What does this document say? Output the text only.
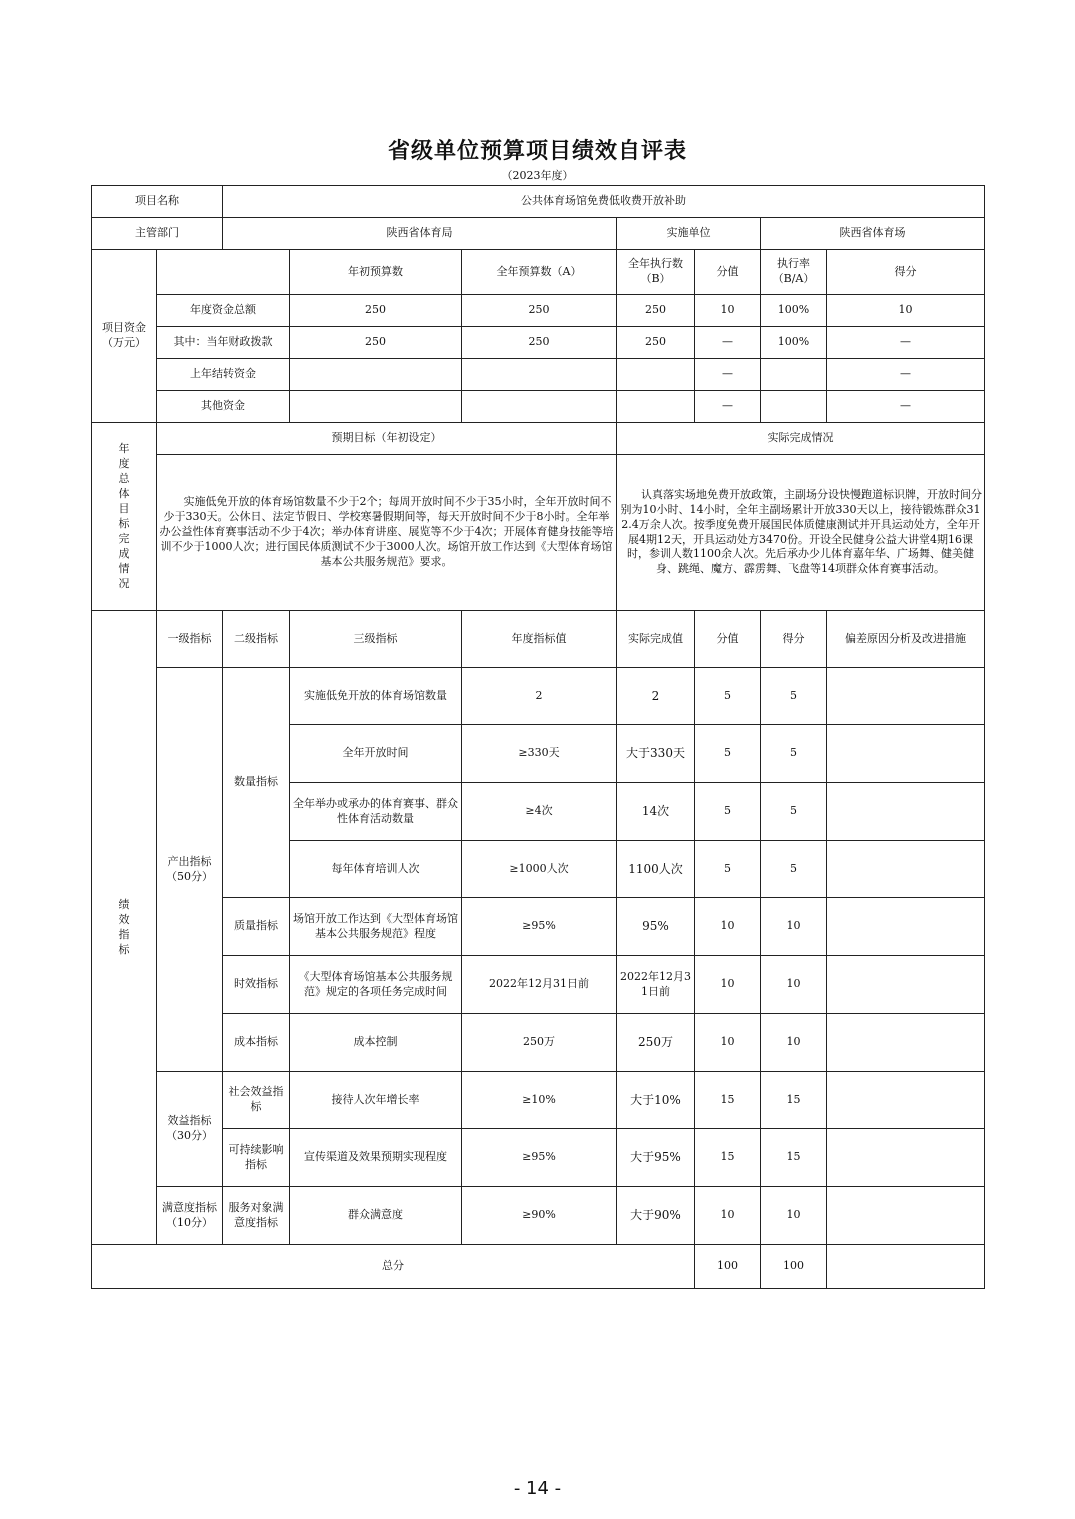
省级单位预算项目绩效自评表
（2023年度）
项目名称		公共体育场馆免费低收费开放补助						
主管部门		陕西省体育局			实施单位		陕西省体育场	
项目资金
（万元）			年初预算数	全年预算数（A）	全年执行数（B）	分值	执行率
（B/A）	得分
	年度资金总额		250	250	250	10	100%	10
	其中：当年财政拨款		250	250	250	—	100%	—
	上年结转资金					—		—
	其他资金					—		—
年度总体目标完成情况	预期目标（年初设定）				实际完成情况			

	实施低免开放的体育场馆数量不少于2个；每周开放时间不少于35小时，全年开放时间不少于330天。公休日、法定节假日、学校寒暑假期间等，每天开放时间不少于8小时。全年举办公益性体育赛事活动不少于4次；举办体育讲座、展览等不少于4次；开展体育健身技能等培训不少于1000人次；进行国民体质测试不少于3000人次。场馆开放工作达到《大型体育场馆基本公共服务规范》要求。				认真落实场地免费开放政策，主副场分设快慢跑道标识牌，开放时间分别为10小时、14小时，全年主副场累计开放330天以上，接待锻炼群众312.4万余人次。按季度免费开展国民体质健康测试并开具运动处方，全年开展4期12天，开具运动处方3470份。开设全民健身公益大讲堂4期16课时，参训人数1100余人次。先后承办少儿体育嘉年华、广场舞、健美健身、跳绳、魔方、霹雳舞、飞盘等14项群众体育赛事活动。			

绩效指标	一级指标	二级指标	三级指标	年度指标值	实际完成值	分值	得分	偏差原因分析及改进措施
	产出指标
（50分）	数量指标	实施低免开放的体育场馆数量	2	2	5	5	
			全年开放时间	≥330天	大于330天	5	5	
			全年举办或承办的体育赛事、群众性体育活动数量	≥4次	14次	5	5	
			每年体育培训人次	≥1000人次	1100人次	5	5	
		质量指标	场馆开放工作达到《大型体育场馆基本公共服务规范》程度	≥95%	95%	10	10	
		时效指标	《大型体育场馆基本公共服务规范》规定的各项任务完成时间	2022年12月31日前	2022年12月31日前	10	10	
		成本指标	成本控制	250万	250万	10	10	
	效益指标
（30分）	社会效益指标	接待人次年增长率	≥10%	大于10%	15	15	
		可持续影响指标	宣传渠道及效果预期实现程度	≥95%	大于95%	15	15	
	满意度指标
（10分）	服务对象满意度指标	群众满意度	≥90%	大于90%	10	10	
总分						100	100	
- 14 -
